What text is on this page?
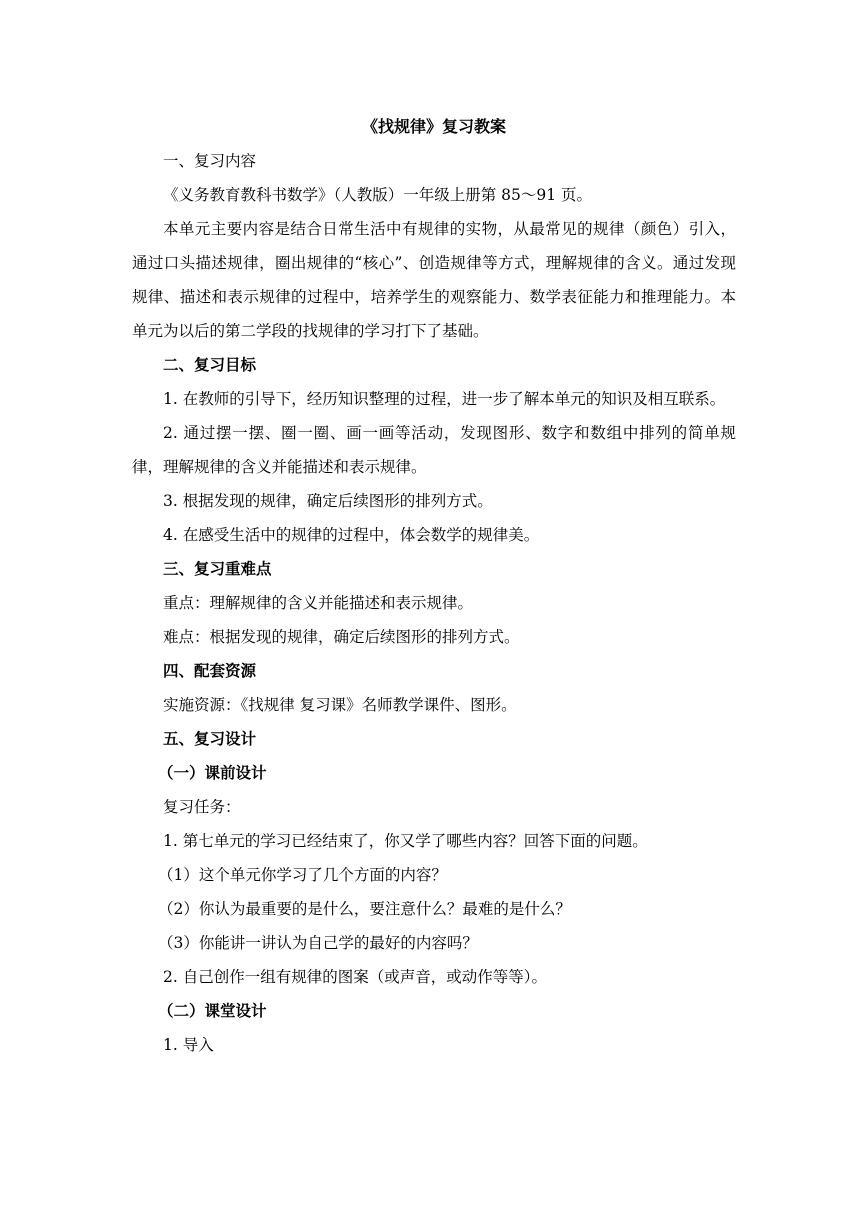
《找规律》复习教案

一、复习内容

《义务教育教科书数学》（人教版）一年级上册第 85～91 页。

本单元主要内容是结合日常生活中有规律的实物，从最常见的规律（颜色）引入，通过口头描述规律，圈出规律的“核心”、创造规律等方式，理解规律的含义。通过发现规律、描述和表示规律的过程中，培养学生的观察能力、数学表征能力和推理能力。本单元为以后的第二学段的找规律的学习打下了基础。

二、复习目标

1. 在教师的引导下，经历知识整理的过程，进一步了解本单元的知识及相互联系。

2. 通过摆一摆、圈一圈、画一画等活动，发现图形、数字和数组中排列的简单规律，理解规律的含义并能描述和表示规律。

3. 根据发现的规律，确定后续图形的排列方式。

4. 在感受生活中的规律的过程中，体会数学的规律美。

三、复习重难点

重点：理解规律的含义并能描述和表示规律。

难点：根据发现的规律，确定后续图形的排列方式。

四、配套资源

实施资源：《找规律 复习课》名师教学课件、图形。

五、复习设计

（一）课前设计

复习任务：

1. 第七单元的学习已经结束了，你又学了哪些内容？回答下面的问题。

（1）这个单元你学习了几个方面的内容？

（2）你认为最重要的是什么，要注意什么？最难的是什么？

（3）你能讲一讲认为自己学的最好的内容吗？

2. 自己创作一组有规律的图案（或声音，或动作等等）。

（二）课堂设计

1. 导入
